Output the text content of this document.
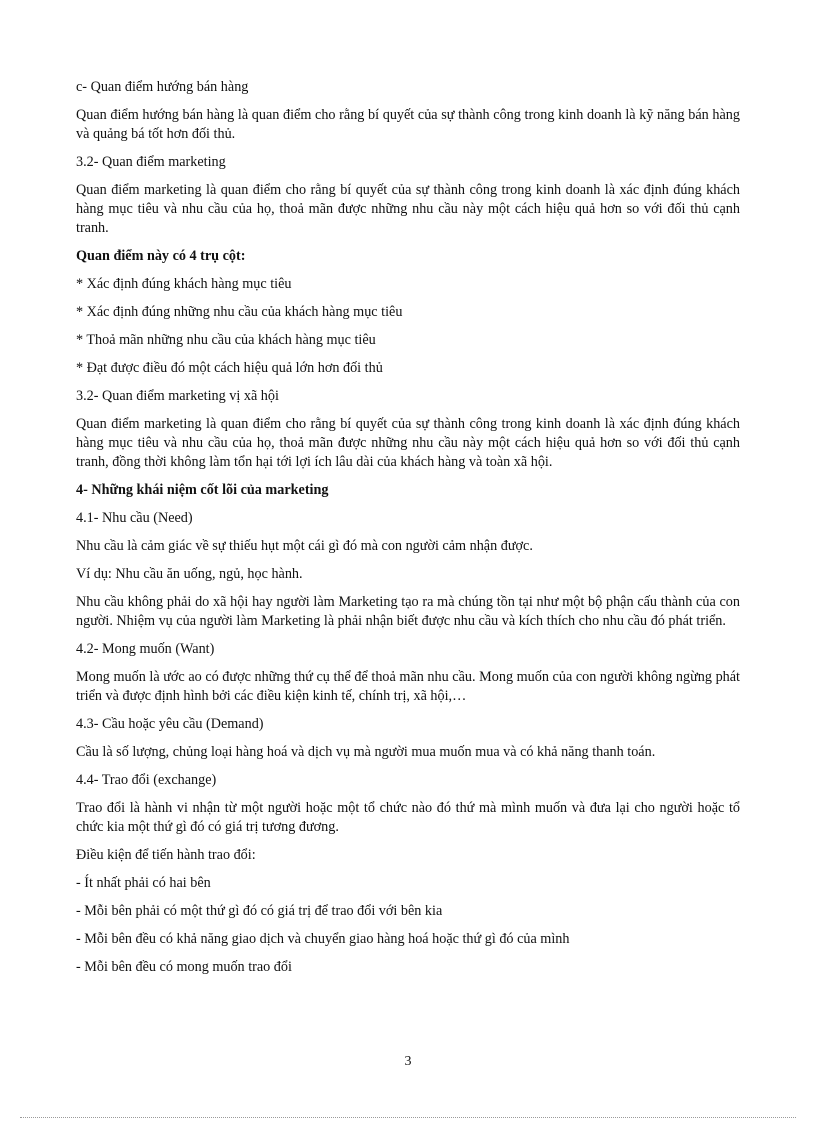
c- Quan điểm hướng bán hàng

Quan điểm hướng bán hàng là quan điểm cho rằng bí quyết của sự thành công trong kinh doanh là kỹ năng bán hàng và quảng bá tốt hơn đối thủ.

3.2- Quan điểm marketing

Quan điểm marketing là quan điểm cho rằng bí quyết của sự thành công trong kinh doanh là xác định đúng khách hàng mục tiêu và nhu cầu của họ, thoả mãn được những nhu cầu này một cách hiệu quả hơn so với đối thủ cạnh tranh.

Quan điểm này có 4 trụ cột:

* Xác định đúng khách hàng mục tiêu

* Xác định đúng những nhu cầu của khách hàng mục tiêu

* Thoả mãn những nhu cầu của khách hàng mục tiêu

* Đạt được điều đó một cách hiệu quả lớn hơn đối thủ

3.2- Quan điểm marketing vị xã hội

Quan điểm marketing là quan điểm cho rằng bí quyết của sự thành công trong kinh doanh là xác định đúng khách hàng mục tiêu và nhu cầu của họ, thoả mãn được những nhu cầu này một cách hiệu quả hơn so với đối thủ cạnh tranh, đồng thời không làm tổn hại tới lợi ích lâu dài của khách hàng và toàn xã hội.

4- Những khái niệm cốt lõi của marketing

4.1- Nhu cầu (Need)

Nhu cầu là cảm giác về sự thiếu hụt một cái gì đó mà con người cảm nhận được.

Ví dụ: Nhu cầu ăn uống, ngủ, học hành.

Nhu cầu không phải do xã hội hay người làm Marketing tạo ra mà chúng tồn tại như một bộ phận cấu thành của con người. Nhiệm vụ của người làm Marketing là phải nhận biết được nhu cầu và kích thích cho nhu cầu đó phát triển.

4.2- Mong muốn (Want)

Mong muốn là ước ao có được những thứ cụ thể để thoả mãn nhu cầu. Mong muốn của con người không ngừng phát triển và được định hình bởi các điều kiện kinh tế, chính trị, xã hội,…

4.3- Cầu hoặc yêu cầu (Demand)

Cầu là số lượng, chủng loại hàng hoá và dịch vụ mà người mua muốn mua và có khả năng thanh toán.

4.4- Trao đổi (exchange)

Trao đổi là hành vi nhận từ một người hoặc một tổ chức nào đó thứ mà mình muốn và đưa lại cho người hoặc tổ chức kia một thứ gì đó có giá trị tương đương.

Điều kiện để tiến hành trao đổi:

- Ít nhất phải có hai bên

- Mỗi bên phải có một thứ gì đó có giá trị để trao đổi với bên kia

- Mỗi bên đều có khả năng giao dịch và chuyển giao hàng hoá hoặc thứ gì đó của mình

- Mỗi bên đều có mong muốn trao đổi

3
